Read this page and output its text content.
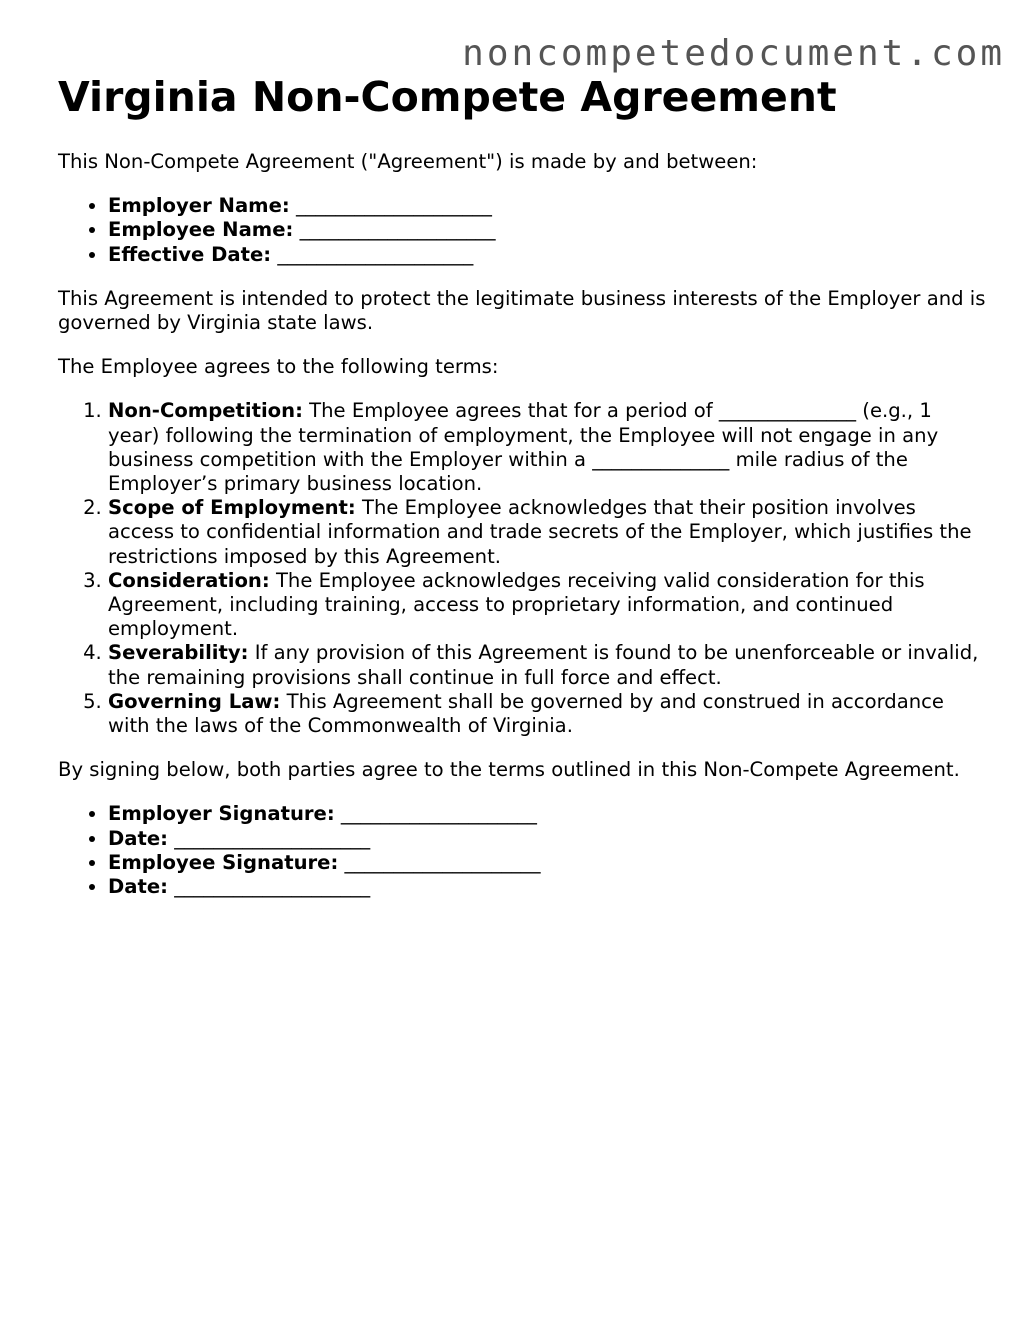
noncompetedocument.com
Virginia Non-Compete Agreement

This Non-Compete Agreement ("Agreement") is made by and between:

• Employer Name: ____________________
• Employee Name: ____________________
• Effective Date: ____________________

This Agreement is intended to protect the legitimate business interests of the Employer and is governed by Virginia state laws.

The Employee agrees to the following terms:

1. Non-Competition: The Employee agrees that for a period of ______________ (e.g., 1 year) following the termination of employment, the Employee will not engage in any business competition with the Employer within a ______________ mile radius of the Employer’s primary business location.
2. Scope of Employment: The Employee acknowledges that their position involves access to confidential information and trade secrets of the Employer, which justifies the restrictions imposed by this Agreement.
3. Consideration: The Employee acknowledges receiving valid consideration for this Agreement, including training, access to proprietary information, and continued employment.
4. Severability: If any provision of this Agreement is found to be unenforceable or invalid, the remaining provisions shall continue in full force and effect.
5. Governing Law: This Agreement shall be governed by and construed in accordance with the laws of the Commonwealth of Virginia.

By signing below, both parties agree to the terms outlined in this Non-Compete Agreement.

• Employer Signature: ____________________
• Date: ____________________
• Employee Signature: ____________________
• Date: ____________________
